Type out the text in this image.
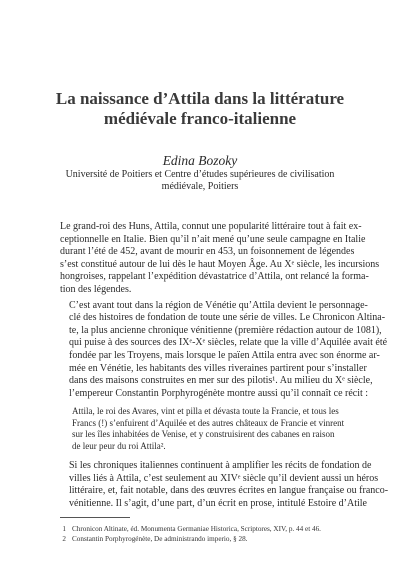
La naissance d’Attila dans la littérature
médiévale franco-italienne
Edina Bozoky
Université de Poitiers et Centre d’études supérieures de civilisation
médiévale, Poitiers

Le grand-roi des Huns, Attila, connut une popularité littéraire tout à fait ex-
ceptionnelle en Italie. Bien qu’il n’ait mené qu’une seule campagne en Italie
durant l’été de 452, avant de mourir en 453, un foisonnement de légendes
s’est constitué autour de lui dès le haut Moyen Âge. Au Xᵉ siècle, les incursions
hongroises, rappelant l’expédition dévastatrice d’Attila, ont relancé la forma-
tion des légendes.

C’est avant tout dans la région de Vénétie qu’Attila devient le personnage-
clé des histoires de fondation de toute une série de villes. Le Chronicon Altina-
te, la plus ancienne chronique vénitienne (première rédaction autour de 1081),
qui puise à des sources des IXᵉ-Xᵉ siècles, relate que la ville d’Aquilée avait été
fondée par les Troyens, mais lorsque le païen Attila entra avec son énorme ar-
mée en Vénétie, les habitants des villes riveraines partirent pour s’installer
dans des maisons construites en mer sur des pilotis¹. Au milieu du Xᵉ siècle,
l’empereur Constantin Porphyrogénète montre aussi qu’il connaît ce récit :

Attila, le roi des Avares, vint et pilla et dévasta toute la Francie, et tous les
Francs (!) s’enfuirent d’Aquilée et des autres châteaux de Francie et vinrent
sur les îles inhabitées de Venise, et y construisirent des cabanes en raison
de leur peur du roi Attila².

Si les chroniques italiennes continuent à amplifier les récits de fondation de
villes liés à Attila, c’est seulement au XIVᵉ siècle qu’il devient aussi un héros
littéraire, et, fait notable, dans des œuvres écrites en langue française ou franco-
vénitienne. Il s’agit, d’une part, d’un écrit en prose, intitulé Estoire d’Atile

1 Chronicon Altinate, éd. Monumenta Germaniae Historica, Scriptores, XIV, p. 44 et 46.
2 Constantin Porphyrogénète, De administrando imperio, § 28.
